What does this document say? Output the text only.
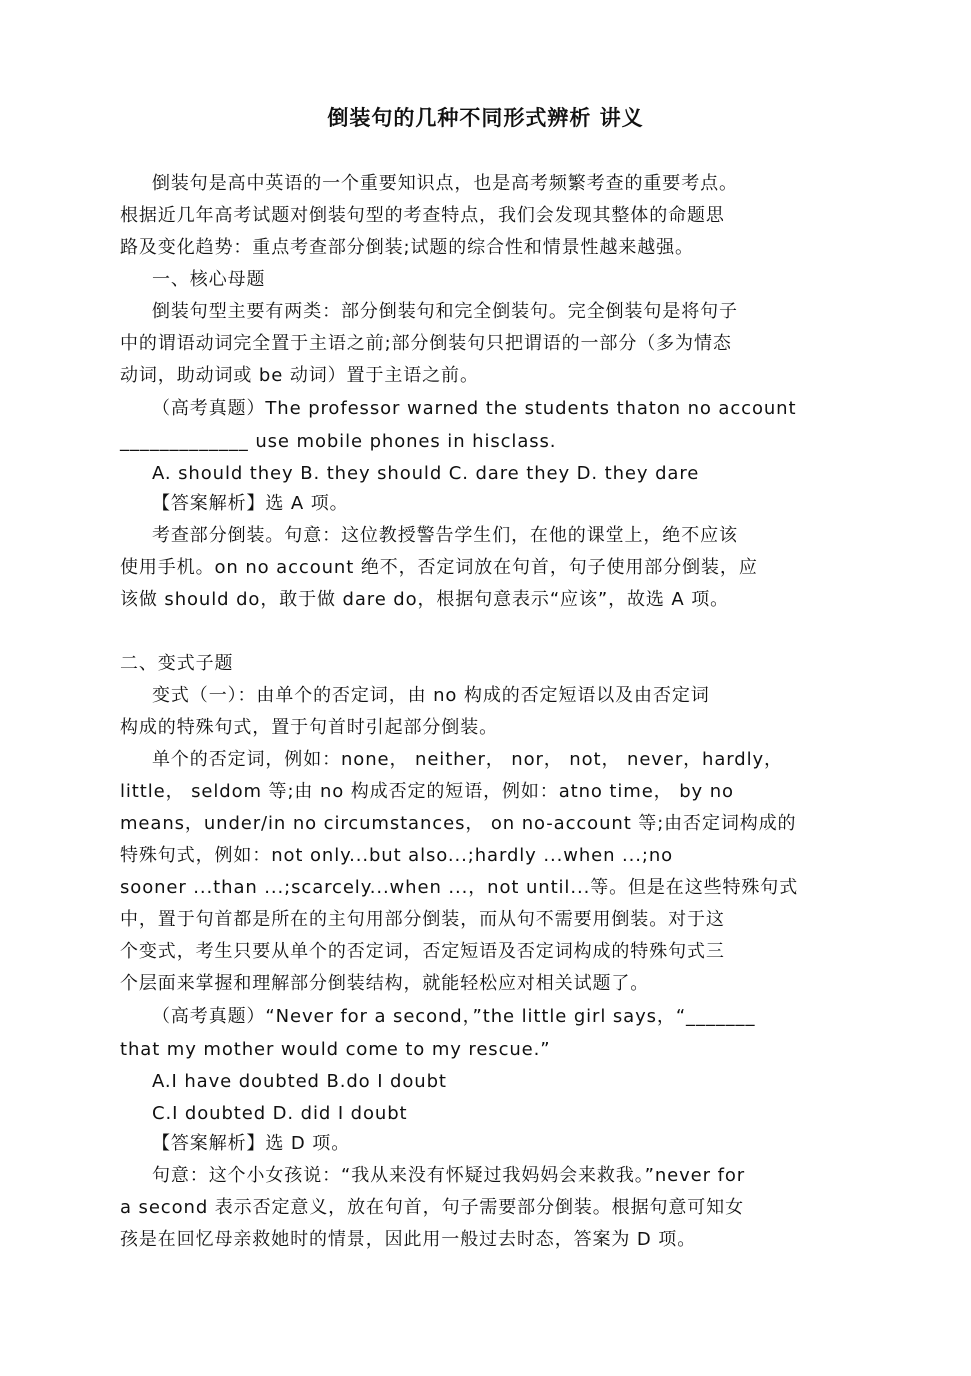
倒装句的几种不同形式辨析 讲义
倒装句是高中英语的一个重要知识点，也是高考频繁考查的重要考点。
根据近几年高考试题对倒装句型的考查特点，我们会发现其整体的命题思
路及变化趋势：重点考查部分倒装;试题的综合性和情景性越来越强。
一、核心母题
倒装句型主要有两类：部分倒装句和完全倒装句。完全倒装句是将句子
中的谓语动词完全置于主语之前;部分倒装句只把谓语的一部分（多为情态
动词，助动词或 be 动词）置于主语之前。
（高考真题）The professor warned the students thaton no account
_____________ use mobile phones in hisclass.
A. should they B. they should C. dare they D. they dare
【答案解析】选 A 项。
考查部分倒装。句意：这位教授警告学生们，在他的课堂上，绝不应该
使用手机。on no account 绝不，否定词放在句首，句子使用部分倒装，应
该做 should do，敢于做 dare do，根据句意表示“应该”，故选 A 项。
二、变式子题
变式（一）：由单个的否定词，由 no 构成的否定短语以及由否定词
构成的特殊句式，置于句首时引起部分倒装。
单个的否定词，例如：none， neither， nor， not， never，hardly，
little， seldom 等;由 no 构成否定的短语，例如：atno time， by no
means，under/in no circumstances， on no-account 等;由否定词构成的
特殊句式，例如：not only...but also...;hardly ...when ...;no
sooner ...than ...;scarcely...when ...，not until...等。但是在这些特殊句式
中，置于句首都是所在的主句用部分倒装，而从句不需要用倒装。对于这
个变式，考生只要从单个的否定词，否定短语及否定词构成的特殊句式三
个层面来掌握和理解部分倒装结构，就能轻松应对相关试题了。
（高考真题）“Never for a second，”the little girl says，“_______
that my mother would come to my rescue.”
A.I have doubted B.do I doubt
C.I doubted D. did I doubt
【答案解析】选 D 项。
句意：这个小女孩说：“我从来没有怀疑过我妈妈会来救我。”never for
a second 表示否定意义，放在句首，句子需要部分倒装。根据句意可知女
孩是在回忆母亲救她时的情景，因此用一般过去时态，答案为 D 项。
